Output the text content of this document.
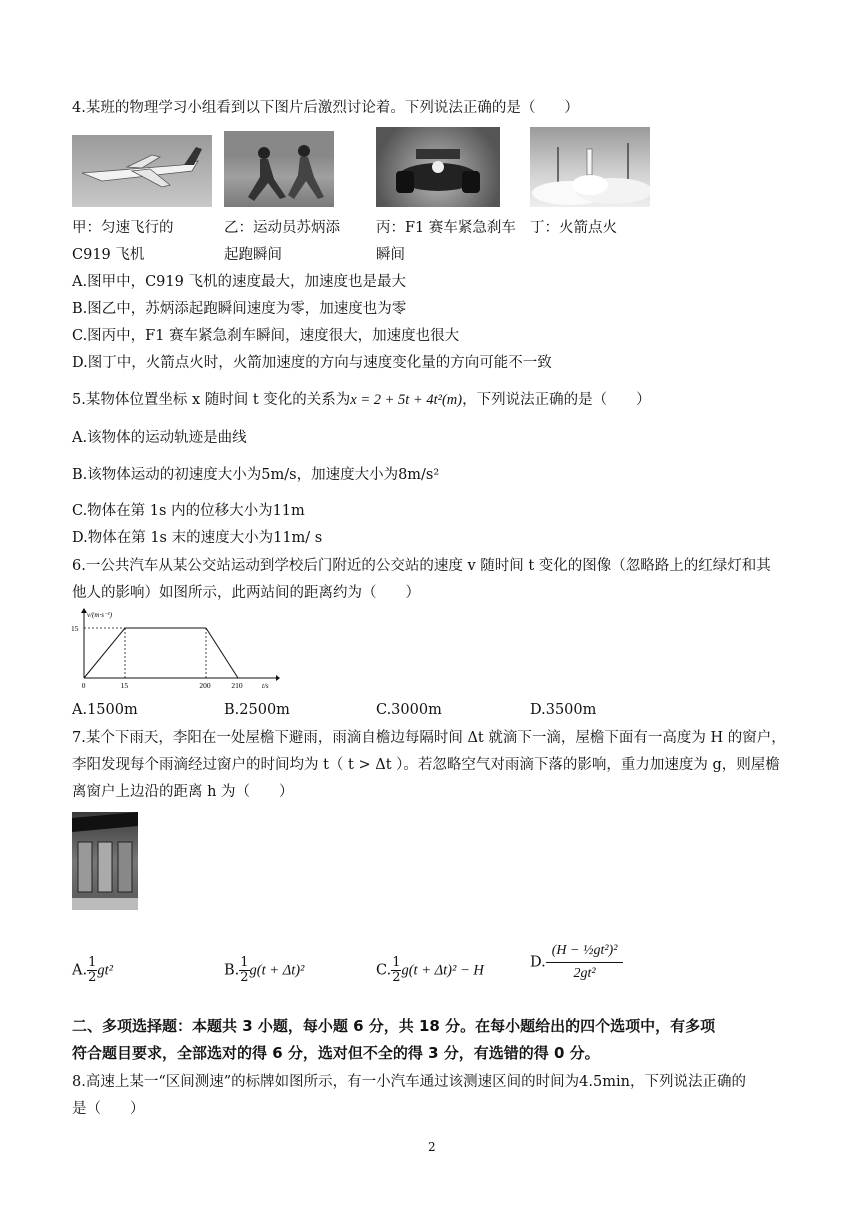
4.某班的物理学习小组看到以下图片后激烈讨论着。下列说法正确的是（　　）
甲：匀速飞行的
C919 飞机
乙：运动员苏炳添
起跑瞬间
丙：F1 赛车紧急刹车
瞬间
丁：火箭点火
A.图甲中，C919 飞机的速度最大，加速度也是最大
B.图乙中，苏炳添起跑瞬间速度为零，加速度也为零
C.图丙中，F1 赛车紧急刹车瞬间，速度很大，加速度也很大
D.图丁中，火箭点火时，火箭加速度的方向与速度变化量的方向可能不一致
5.某物体位置坐标 x 随时间 t 变化的关系为x = 2 + 5t + 4t²(m)，下列说法正确的是（　　）
A.该物体的运动轨迹是曲线
B.该物体运动的初速度大小为5m/s，加速度大小为8m/s²
C.物体在第 1s 内的位移大小为11m
D.物体在第 1s 末的速度大小为11m/ s
6.一公共汽车从某公交站运动到学校后门附近的公交站的速度 v 随时间 t 变化的图像（忽略路上的红绿灯和其
他人的影响）如图所示，此两站间的距离约为（　　）
v/(m·s⁻¹)
t/s
0	15	200	210
15
A.1500m	B.2500m	C.3000m	D.3500m
7.某个下雨天，李阳在一处屋檐下避雨，雨滴自檐边每隔时间 Δt 就滴下一滴，屋檐下面有一高度为 H 的窗户，
李阳发现每个雨滴经过窗户的时间均为 t（ t > Δt ）。若忽略空气对雨滴下落的影响，重力加速度为 g，则屋檐
离窗户上边沿的距离 h 为（　　）
A. $\frac{1}{2} gt^2$	B. $\frac{1}{2} g(t + \Delta t)^2$	C. $\frac{1}{2} g(t + \Delta t)^2 - H$	D. $\frac{\text{(H − ½gt²)²}}{\text{2gt²}}$
二、多项选择题：本题共 3 小题，每小题 6 分，共 18 分。在每小题给出的四个选项中，有多项
符合题目要求，全部选对的得 6 分，选对但不全的得 3 分，有选错的得 0 分。
8.高速上某一“区间测速”的标牌如图所示，有一小汽车通过该测速区间的时间为4.5min，下列说法正确的
是（　　）
2
